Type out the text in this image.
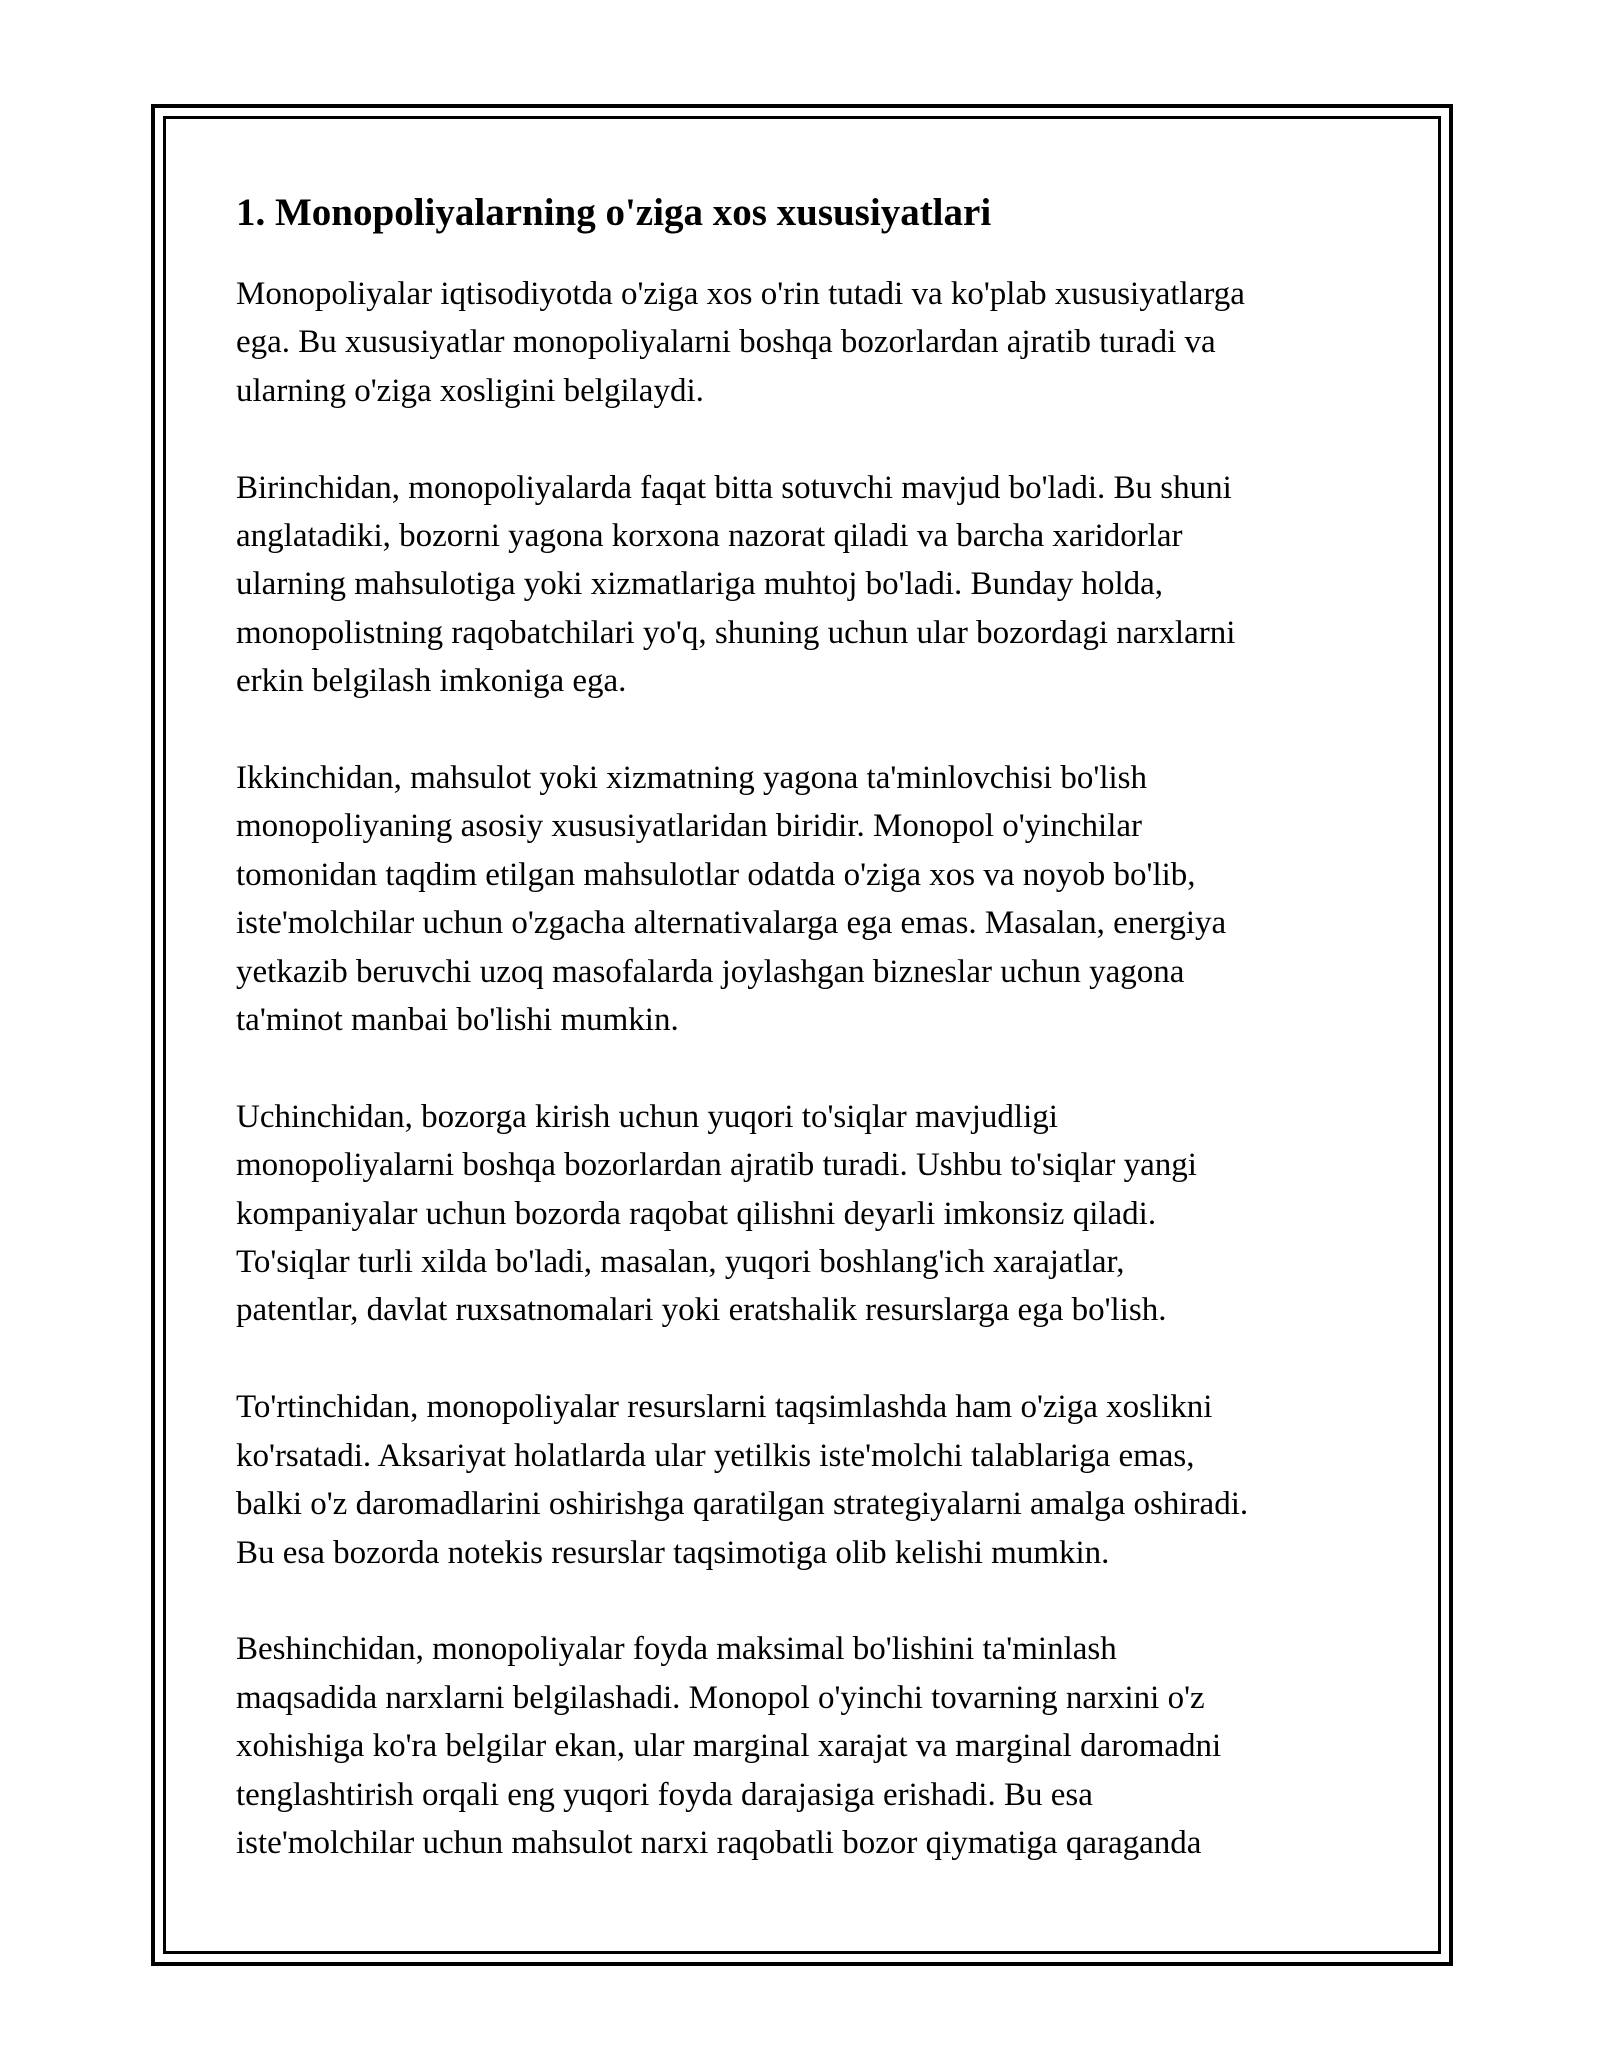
1. Monopoliyalarning o'ziga xos xususiyatlari

Monopoliyalar iqtisodiyotda o'ziga xos o'rin tutadi va ko'plab xususiyatlarga
ega. Bu xususiyatlar monopoliyalarni boshqa bozorlardan ajratib turadi va
ularning o'ziga xosligini belgilaydi.

Birinchidan, monopoliyalarda faqat bitta sotuvchi mavjud bo'ladi. Bu shuni
anglatadiki, bozorni yagona korxona nazorat qiladi va barcha xaridorlar
ularning mahsulotiga yoki xizmatlariga muhtoj bo'ladi. Bunday holda,
monopolistning raqobatchilari yo'q, shuning uchun ular bozordagi narxlarni
erkin belgilash imkoniga ega.

Ikkinchidan, mahsulot yoki xizmatning yagona ta'minlovchisi bo'lish
monopoliyaning asosiy xususiyatlaridan biridir. Monopol o'yinchilar
tomonidan taqdim etilgan mahsulotlar odatda o'ziga xos va noyob bo'lib,
iste'molchilar uchun o'zgacha alternativalarga ega emas. Masalan, energiya
yetkazib beruvchi uzoq masofalarda joylashgan bizneslar uchun yagona
ta'minot manbai bo'lishi mumkin.

Uchinchidan, bozorga kirish uchun yuqori to'siqlar mavjudligi
monopoliyalarni boshqa bozorlardan ajratib turadi. Ushbu to'siqlar yangi
kompaniyalar uchun bozorda raqobat qilishni deyarli imkonsiz qiladi.
To'siqlar turli xilda bo'ladi, masalan, yuqori boshlang'ich xarajatlar,
patentlar, davlat ruxsatnomalari yoki eratshalik resurslarga ega bo'lish.

To'rtinchidan, monopoliyalar resurslarni taqsimlashda ham o'ziga xoslikni
ko'rsatadi. Aksariyat holatlarda ular yetilkis iste'molchi talablariga emas,
balki o'z daromadlarini oshirishga qaratilgan strategiyalarni amalga oshiradi.
Bu esa bozorda notekis resurslar taqsimotiga olib kelishi mumkin.

Beshinchidan, monopoliyalar foyda maksimal bo'lishini ta'minlash
maqsadida narxlarni belgilashadi. Monopol o'yinchi tovarning narxini o'z
xohishiga ko'ra belgilar ekan, ular marginal xarajat va marginal daromadni
tenglashtirish orqali eng yuqori foyda darajasiga erishadi. Bu esa
iste'molchilar uchun mahsulot narxi raqobatli bozor qiymatiga qaraganda
